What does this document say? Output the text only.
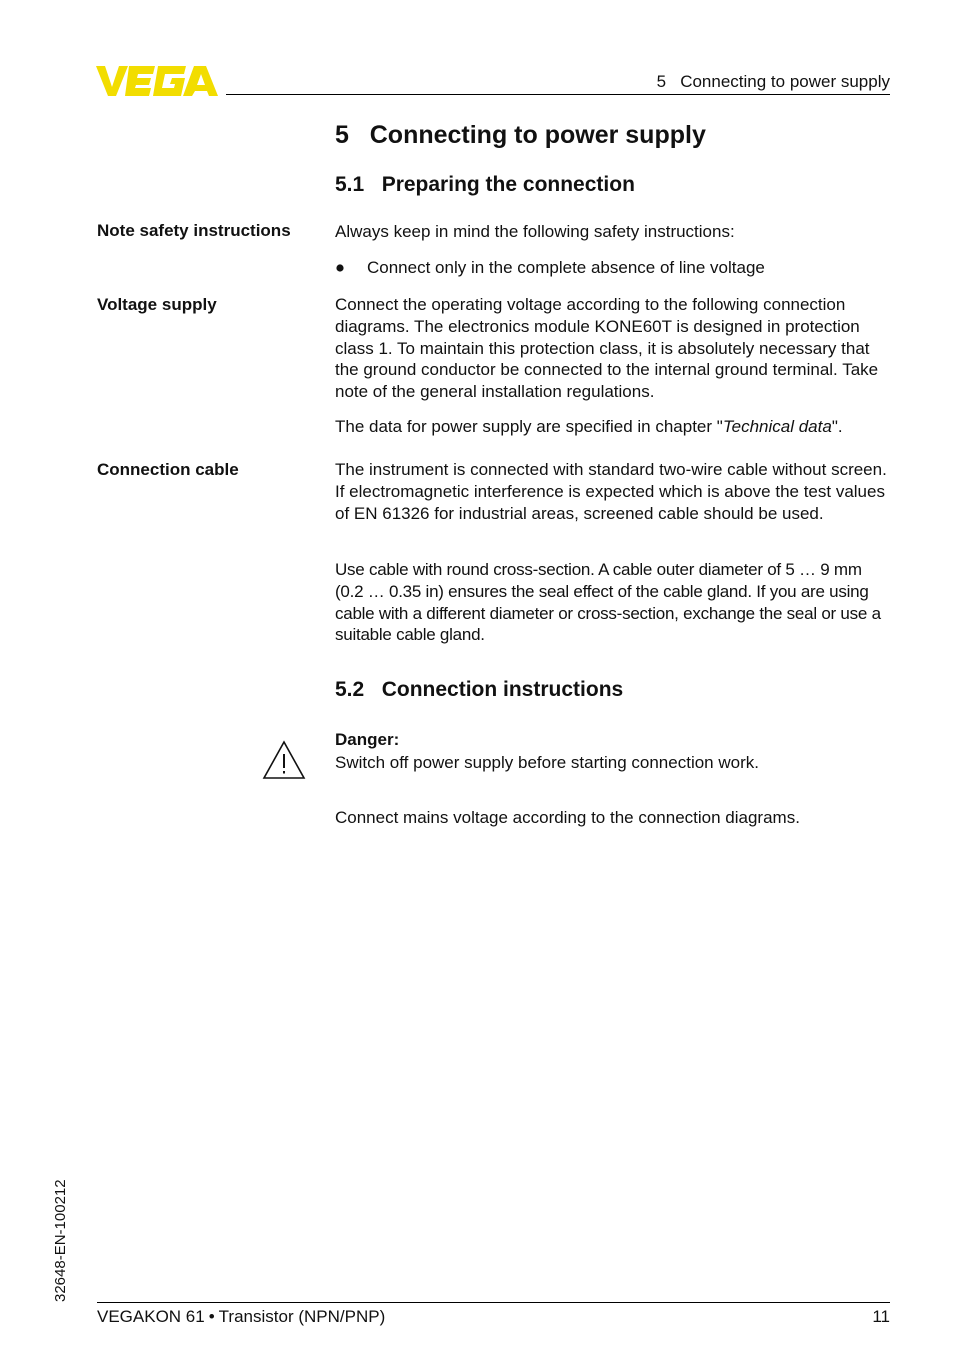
5   Connecting to power supply
5   Connecting to power supply
5.1   Preparing the connection
Note safety instructions	Always keep in mind the following safety instructions:
Connect only in the complete absence of line voltage
Voltage supply	Connect the operating voltage according to the following connection diagrams. The electronics module KONE60T is designed in protection class 1. To maintain this protection class, it is absolutely necessary that the ground conductor be connected to the internal ground terminal. Take note of the general installation regulations.
The data for power supply are specified in chapter "Technical data".
Connection cable	The instrument is connected with standard two-wire cable without screen. If electromagnetic interference is expected which is above the test values of EN 61326 for industrial areas, screened cable should be used.
Use cable with round cross-section. A cable outer diameter of 5 … 9 mm (0.2 … 0.35 in) ensures the seal effect of the cable gland. If you are using cable with a different diameter or cross-section, exchange the seal or use a suitable cable gland.
5.2   Connection instructions
Danger:
Switch off power supply before starting connection work.
Connect mains voltage according to the connection diagrams.
32648-EN-100212
VEGAKON 61 • Transistor (NPN/PNP)	11
